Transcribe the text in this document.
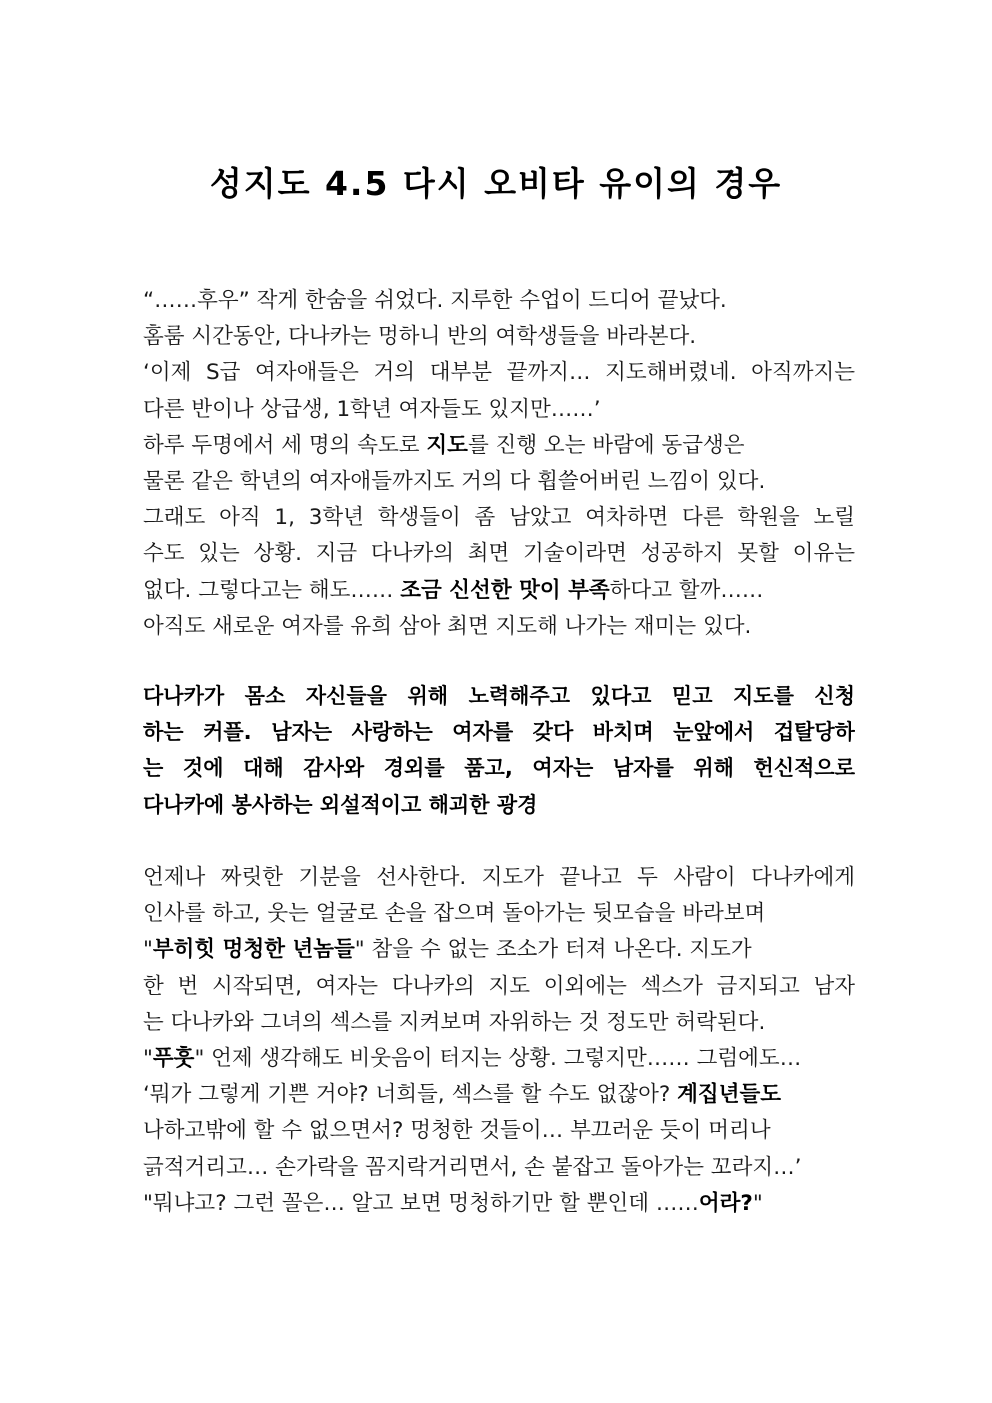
성지도 4.5 다시 오비타 유이의 경우
“……후우” 작게 한숨을 쉬었다. 지루한 수업이 드디어 끝났다.
홈룸 시간동안, 다나카는 멍하니 반의 여학생들을 바라본다.
‘이제 S급 여자애들은 거의 대부분 끝까지… 지도해버렸네. 아직까지는
다른 반이나 상급생, 1학년 여자들도 있지만……’
하루 두명에서 세 명의 속도로 지도를 진행 오는 바람에 동급생은
물론 같은 학년의 여자애들까지도 거의 다 휩쓸어버린 느낌이 있다.
그래도 아직 1, 3학년 학생들이 좀 남았고 여차하면 다른 학원을 노릴
수도 있는 상황. 지금 다나카의 최면 기술이라면 성공하지 못할 이유는
없다. 그렇다고는 해도…… 조금 신선한 맛이 부족하다고 할까……
아직도 새로운 여자를 유희 삼아 최면 지도해 나가는 재미는 있다.
다나카가 몸소 자신들을 위해 노력해주고 있다고 믿고 지도를 신청
하는 커플. 남자는 사랑하는 여자를 갖다 바치며 눈앞에서 겁탈당하
는 것에 대해 감사와 경외를 품고, 여자는 남자를 위해 헌신적으로
다나카에 봉사하는 외설적이고 해괴한 광경
언제나 짜릿한 기분을 선사한다. 지도가 끝나고 두 사람이 다나카에게
인사를 하고, 웃는 얼굴로 손을 잡으며 돌아가는 뒷모습을 바라보며
"부히힛 멍청한 년놈들" 참을 수 없는 조소가 터져 나온다. 지도가
한 번 시작되면, 여자는 다나카의 지도 이외에는 섹스가 금지되고 남자
는 다나카와 그녀의 섹스를 지켜보며 자위하는 것 정도만 허락된다.
"푸훗" 언제 생각해도 비웃음이 터지는 상황. 그렇지만…… 그럼에도…
‘뭐가 그렇게 기쁜 거야? 너희들, 섹스를 할 수도 없잖아? 계집년들도
나하고밖에 할 수 없으면서? 멍청한 것들이… 부끄러운 듯이 머리나
긁적거리고… 손가락을 꼼지락거리면서, 손 붙잡고 돌아가는 꼬라지…’
"뭐냐고? 그런 꼴은… 알고 보면 멍청하기만 할 뿐인데 ……어라?"
